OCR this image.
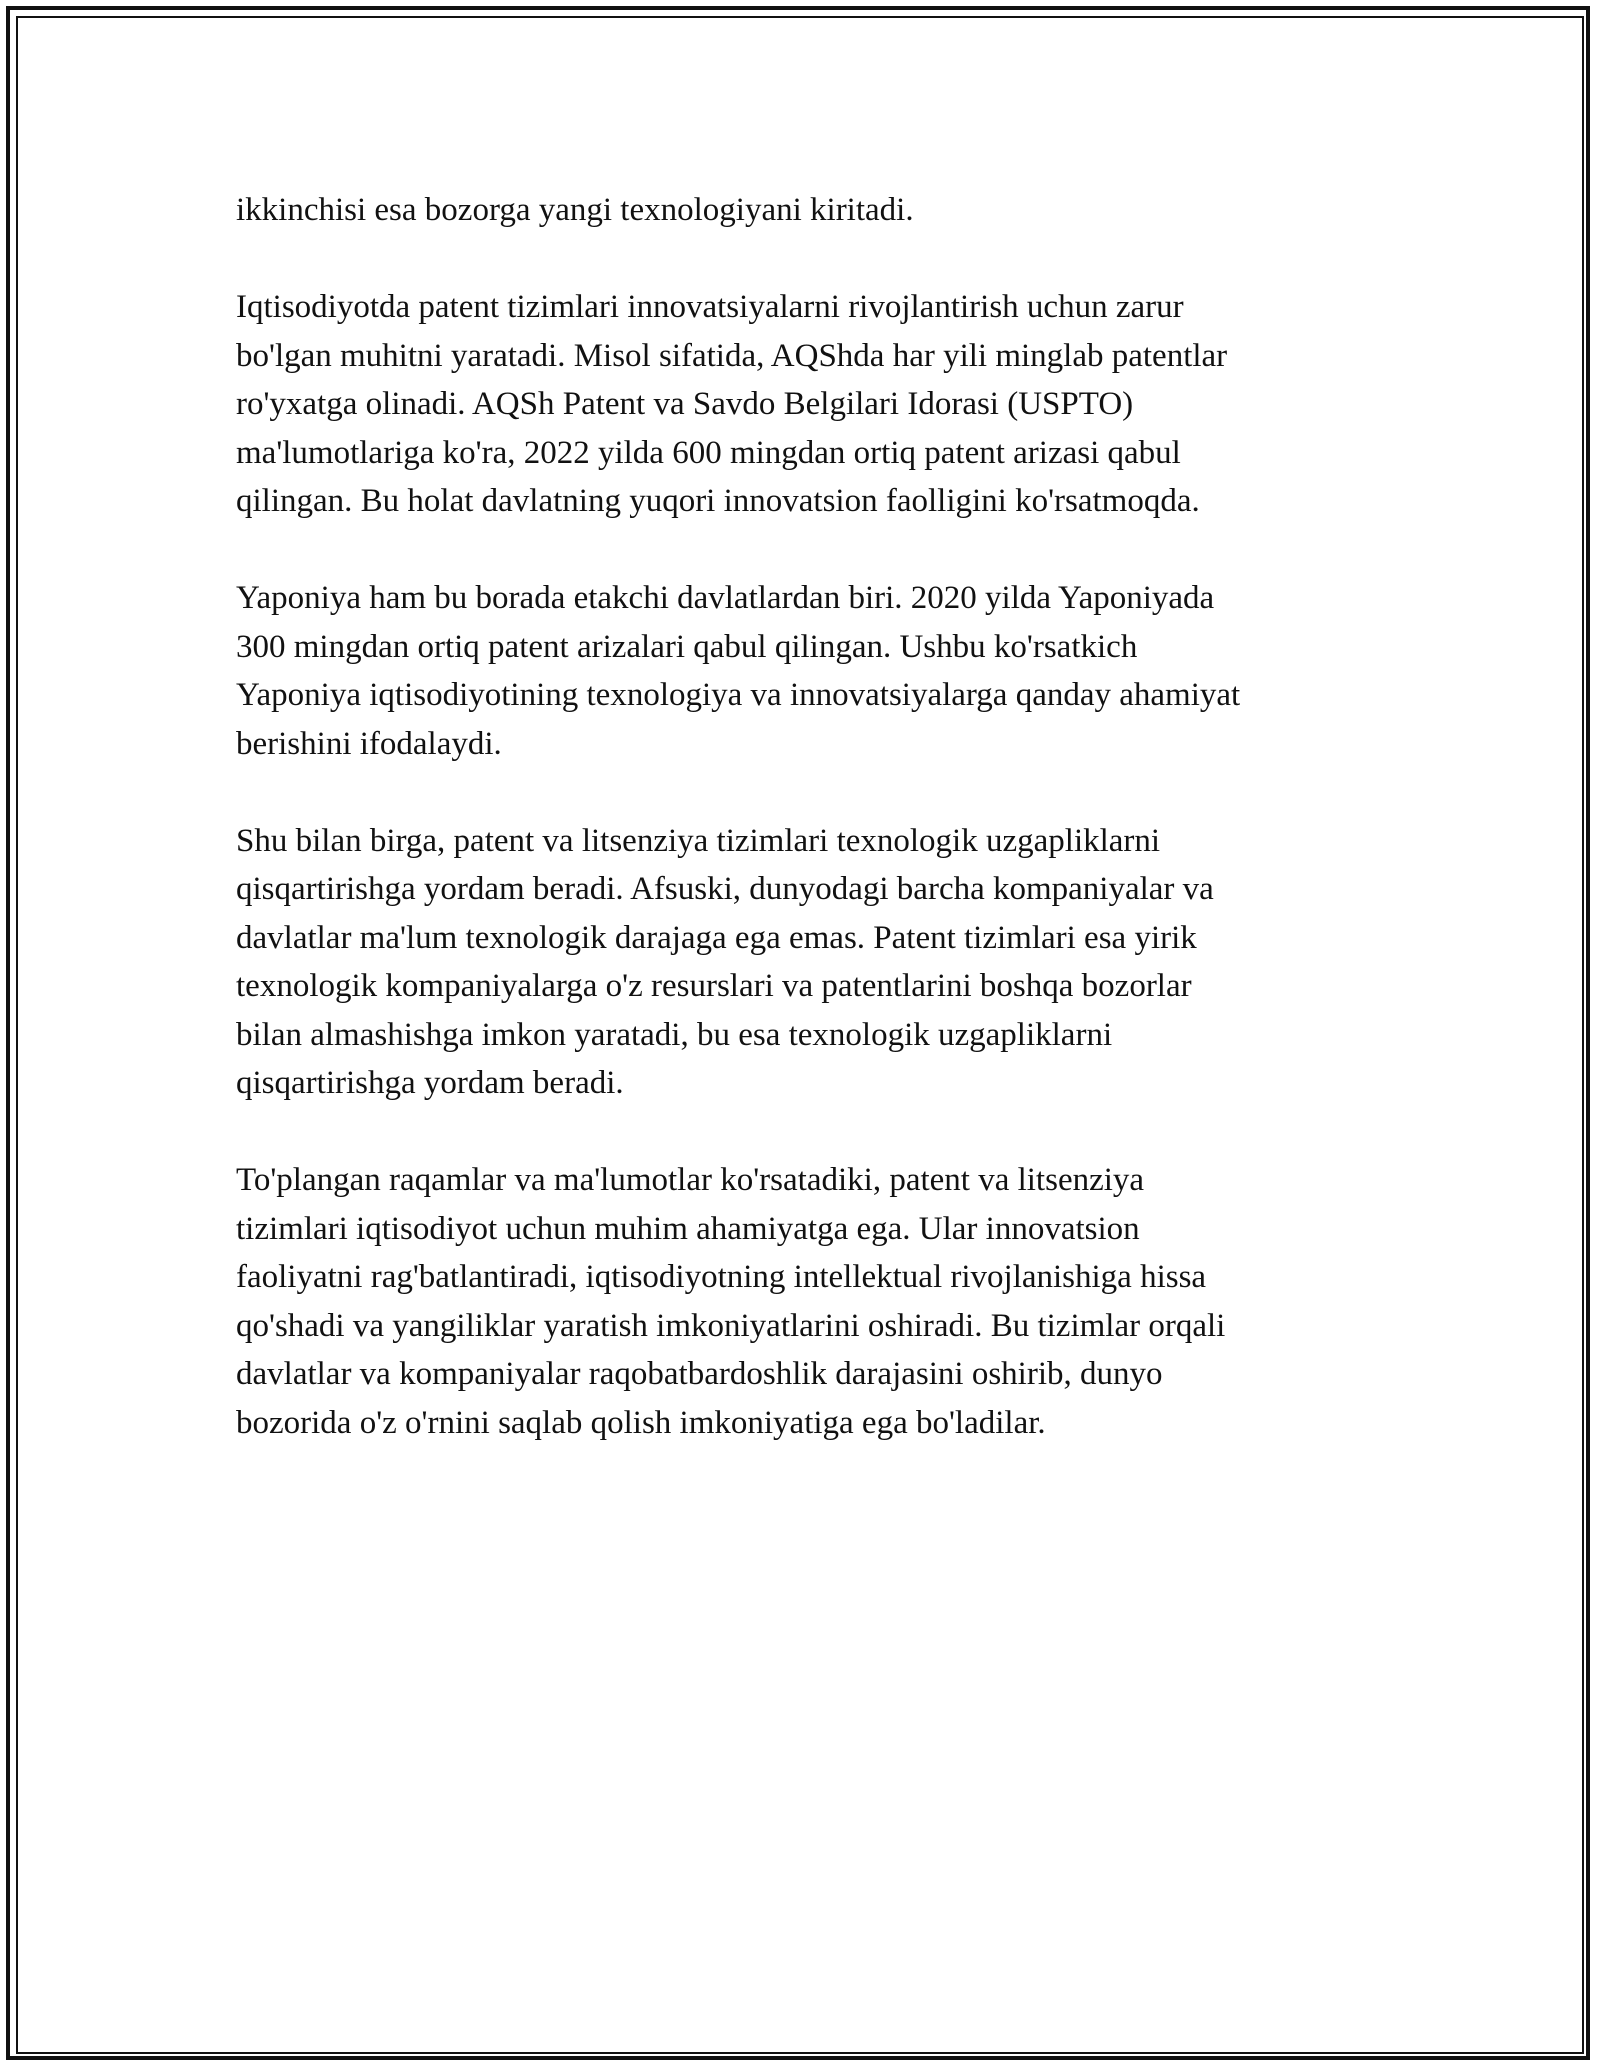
ikkinchisi esa bozorga yangi texnologiyani kiritadi.

Iqtisodiyotda patent tizimlari innovatsiyalarni rivojlantirish uchun zarur
bo'lgan muhitni yaratadi. Misol sifatida, AQShda har yili minglab patentlar
ro'yxatga olinadi. AQSh Patent va Savdo Belgilari Idorasi (USPTO)
ma'lumotlariga ko'ra, 2022 yilda 600 mingdan ortiq patent arizasi qabul
qilingan. Bu holat davlatning yuqori innovatsion faolligini ko'rsatmoqda.

Yaponiya ham bu borada etakchi davlatlardan biri. 2020 yilda Yaponiyada
300 mingdan ortiq patent arizalari qabul qilingan. Ushbu ko'rsatkich
Yaponiya iqtisodiyotining texnologiya va innovatsiyalarga qanday ahamiyat
berishini ifodalaydi.

Shu bilan birga, patent va litsenziya tizimlari texnologik uzgapliklarni
qisqartirishga yordam beradi. Afsuski, dunyodagi barcha kompaniyalar va
davlatlar ma'lum texnologik darajaga ega emas. Patent tizimlari esa yirik
texnologik kompaniyalarga o'z resurslari va patentlarini boshqa bozorlar
bilan almashishga imkon yaratadi, bu esa texnologik uzgapliklarni
qisqartirishga yordam beradi.

To'plangan raqamlar va ma'lumotlar ko'rsatadiki, patent va litsenziya
tizimlari iqtisodiyot uchun muhim ahamiyatga ega. Ular innovatsion
faoliyatni rag'batlantiradi, iqtisodiyotning intellektual rivojlanishiga hissa
qo'shadi va yangiliklar yaratish imkoniyatlarini oshiradi. Bu tizimlar orqali
davlatlar va kompaniyalar raqobatbardoshlik darajasini oshirib, dunyo
bozorida o'z o'rnini saqlab qolish imkoniyatiga ega bo'ladilar.
